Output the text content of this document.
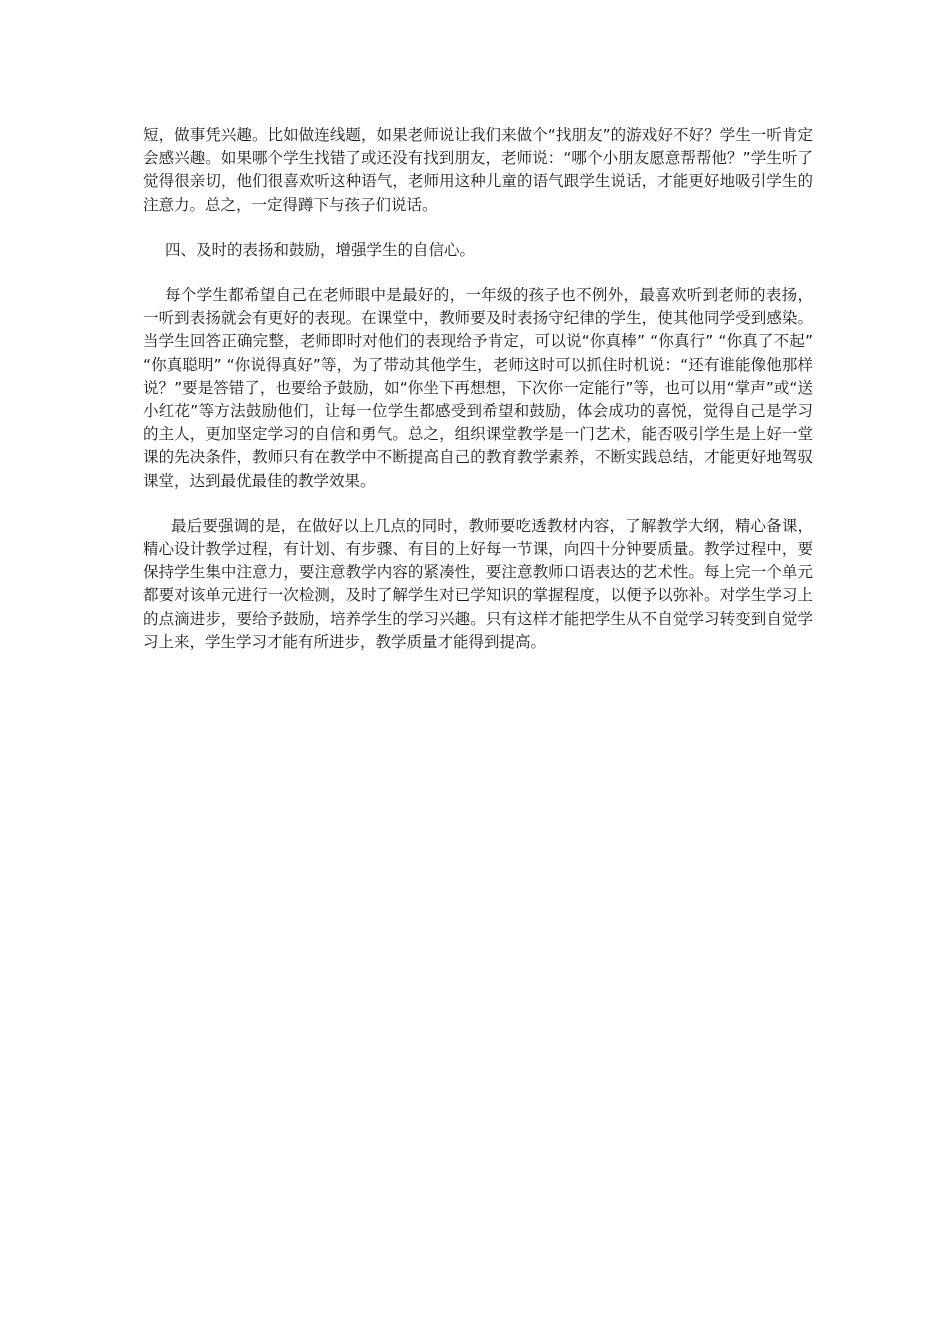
短，做事凭兴趣。比如做连线题，如果老师说让我们来做个“找朋友”的游戏好不好？学生一听肯定会感兴趣。如果哪个学生找错了或还没有找到朋友，老师说：“哪个小朋友愿意帮帮他？”学生听了觉得很亲切，他们很喜欢听这种语气，老师用这种儿童的语气跟学生说话，才能更好地吸引学生的注意力。总之，一定得蹲下与孩子们说话。

四、及时的表扬和鼓励，增强学生的自信心。

每个学生都希望自己在老师眼中是最好的，一年级的孩子也不例外，最喜欢听到老师的表扬，一听到表扬就会有更好的表现。在课堂中，教师要及时表扬守纪律的学生，使其他同学受到感染。当学生回答正确完整，老师即时对他们的表现给予肯定，可以说“你真棒” “你真行” “你真了不起” “你真聪明” “你说得真好”等，为了带动其他学生，老师这时可以抓住时机说：“还有谁能像他那样说？”要是答错了，也要给予鼓励，如“你坐下再想想，下次你一定能行”等，也可以用“掌声”或“送小红花”等方法鼓励他们，让每一位学生都感受到希望和鼓励，体会成功的喜悦，觉得自己是学习的主人，更加坚定学习的自信和勇气。总之，组织课堂教学是一门艺术，能否吸引学生是上好一堂课的先决条件，教师只有在教学中不断提高自己的教育教学素养，不断实践总结，才能更好地驾驭课堂，达到最优最佳的教学效果。

最后要强调的是，在做好以上几点的同时，教师要吃透教材内容，了解教学大纲，精心备课，精心设计教学过程，有计划、有步骤、有目的上好每一节课，向四十分钟要质量。教学过程中，要保持学生集中注意力，要注意教学内容的紧凑性，要注意教师口语表达的艺术性。每上完一个单元都要对该单元进行一次检测，及时了解学生对已学知识的掌握程度，以便予以弥补。对学生学习上的点滴进步，要给予鼓励，培养学生的学习兴趣。只有这样才能把学生从不自觉学习转变到自觉学习上来，学生学习才能有所进步，教学质量才能得到提高。
